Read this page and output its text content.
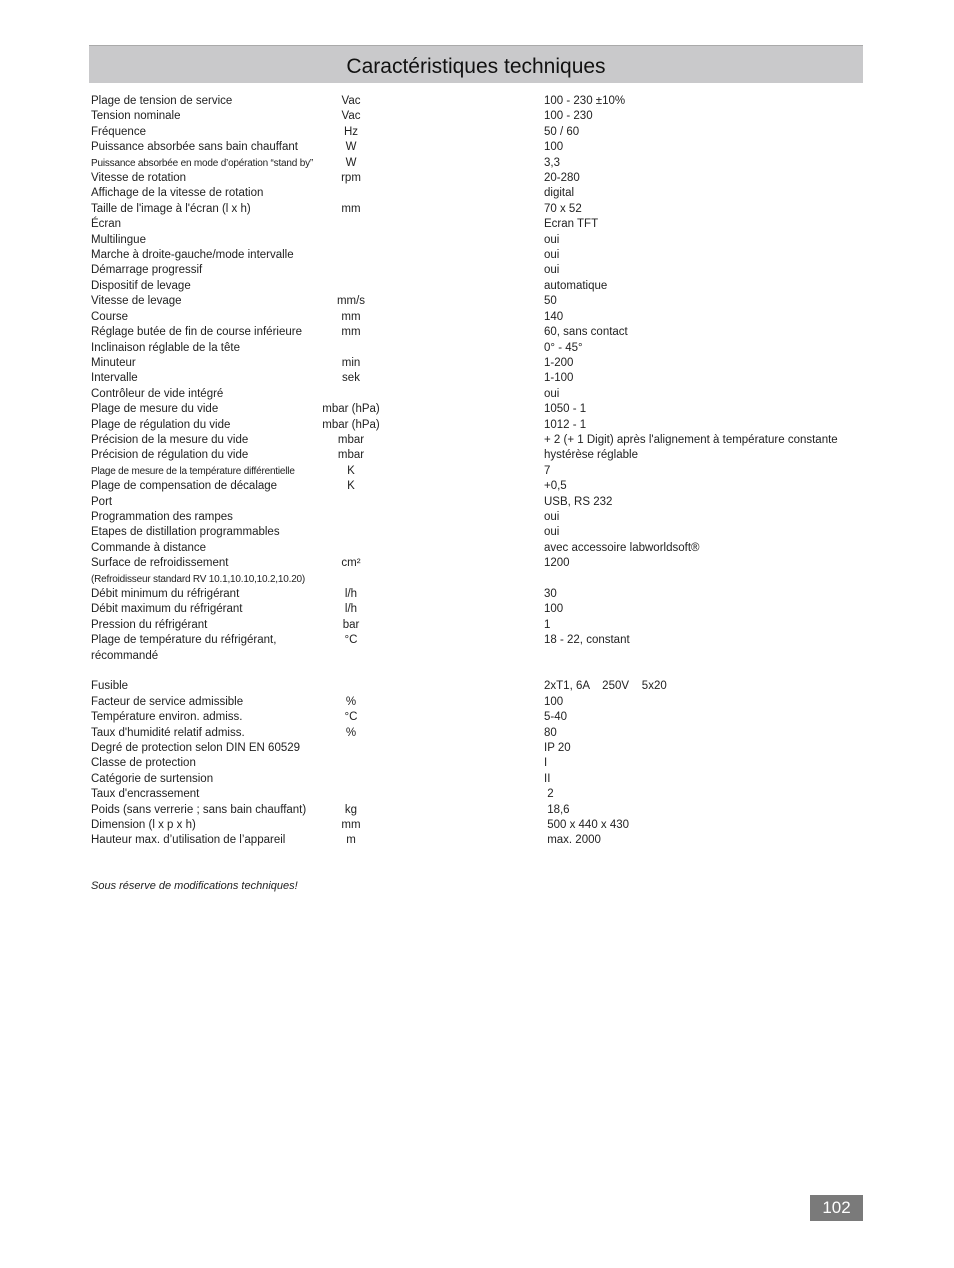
Caractéristiques techniques
Plage de tension de service	Vac	100 - 230 ±10%
Tension nominale	Vac	100 - 230
Fréquence	Hz	50 / 60
Puissance absorbée sans bain chauffant	W	100
Puissance absorbée en mode d’opération “stand by”	W	3,3
Vitesse de rotation	rpm	20-280
Affichage de la vitesse de rotation	digital
Taille de l'image à l'écran (l x h)	mm	70 x 52
Écran	Ecran TFT
Multilingue	oui
Marche à droite-gauche/mode intervalle	oui
Démarrage progressif	oui
Dispositif de levage	automatique
Vitesse de levage	mm/s	50
Course	mm	140
Réglage butée de fin de course inférieure	mm	60, sans contact
Inclinaison réglable de la tête	0° - 45°
Minuteur	min	1-200
Intervalle	sek	1-100
Contrôleur de vide intégré	oui
Plage de mesure du vide	mbar (hPa)	1050 - 1
Plage de régulation du vide	mbar (hPa)	1012 - 1
Précision de la mesure du vide	mbar	+ 2 (+ 1 Digit) après l'alignement à température constante
Précision de régulation du vide	mbar	hystérèse réglable
Plage de mesure de la température différentielle	K	7
Plage de compensation de décalage	K	+0,5
Port	USB, RS 232
Programmation des rampes	oui
Etapes de distillation programmables	oui
Commande à distance	avec accessoire labworldsoft®
Surface de refroidissement	cm²	1200
(Refroidisseur standard RV 10.1,10.10,10.2,10.20)
Débit minimum du réfrigérant	l/h	30
Débit maximum du réfrigérant	l/h	100
Pression du réfrigérant	bar	1
Plage de température du réfrigérant,	°C	18 - 22, constant
récommandé
Fusible	2xT1, 6A    250V    5x20
Facteur de service admissible	%	100
Température environ. admiss.	°C	5-40
Taux d'humidité relatif admiss.	%	80
Degré de protection selon DIN EN 60529	IP 20
Classe de protection	I
Catégorie de surtension	II
Taux d'encrassement	2
Poids (sans verrerie ; sans bain chauffant)	kg	18,6
Dimension (l x p x h)	mm	500 x 440 x 430
Hauteur max. d’utilisation de l’appareil	m	max. 2000
Sous réserve de modifications techniques!
102
